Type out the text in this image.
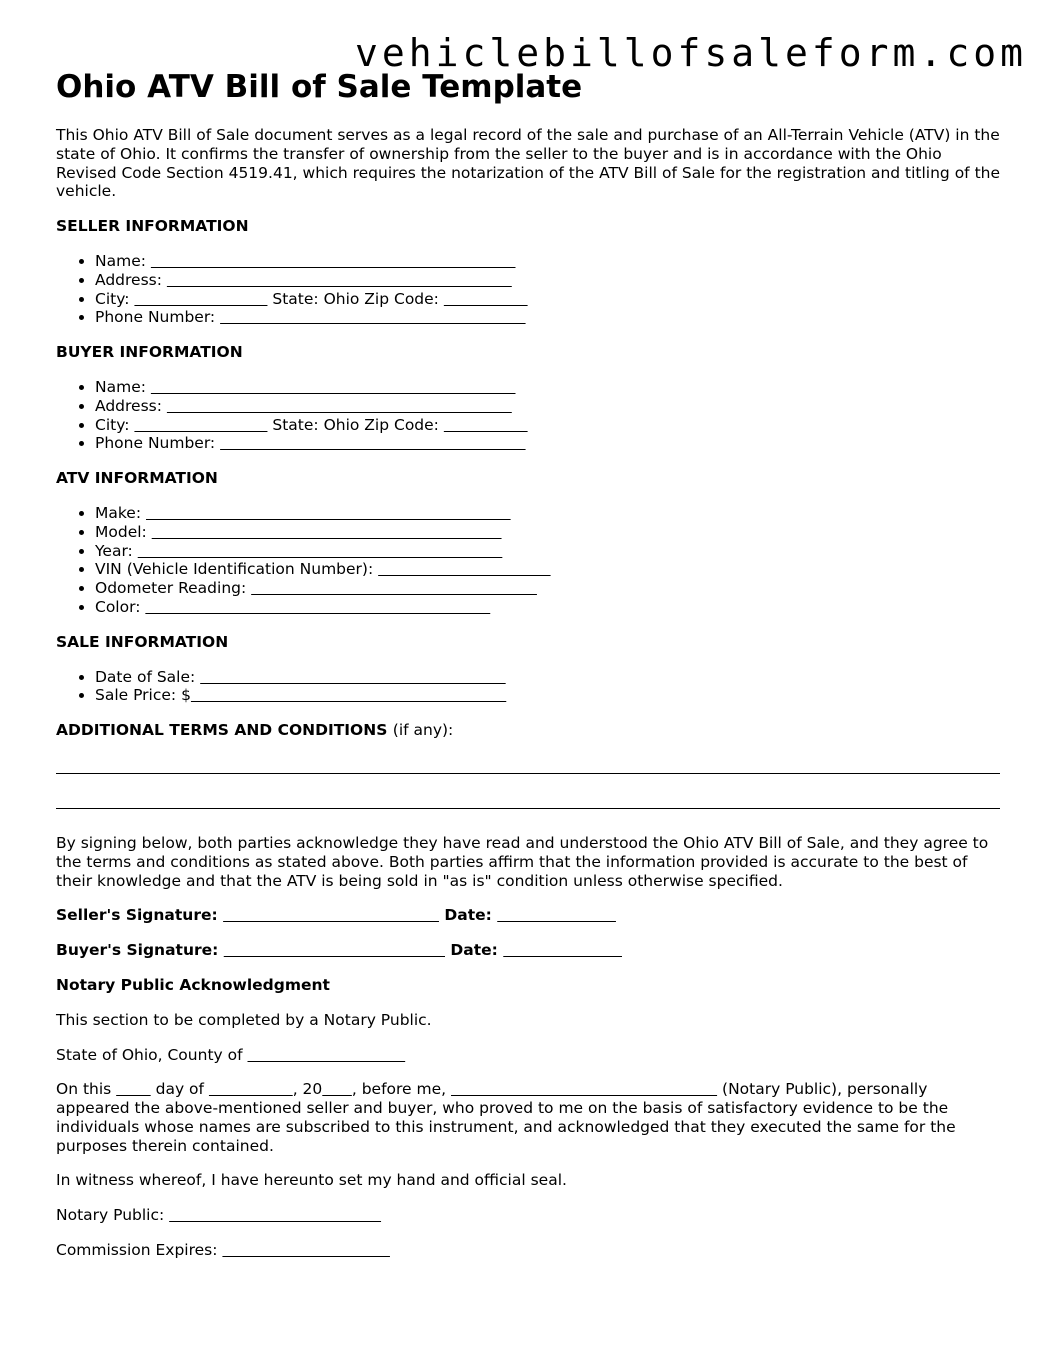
vehiclebillofsaleform.com
Ohio ATV Bill of Sale Template

This Ohio ATV Bill of Sale document serves as a legal record of the sale and purchase of an All-Terrain Vehicle (ATV) in the state of Ohio. It confirms the transfer of ownership from the seller to the buyer and is in accordance with the Ohio Revised Code Section 4519.41, which requires the notarization of the ATV Bill of Sale for the registration and titling of the vehicle.

SELLER INFORMATION

• Name:
• Address:
• City:	State: Ohio Zip Code:
• Phone Number:

BUYER INFORMATION

• Name:
• Address:
• City:	State: Ohio Zip Code:
• Phone Number:

ATV INFORMATION

• Make:
• Model:
• Year:
• VIN (Vehicle Identification Number):
• Odometer Reading:
• Color:

SALE INFORMATION

• Date of Sale:
• Sale Price: $

ADDITIONAL TERMS AND CONDITIONS (if any):

By signing below, both parties acknowledge they have read and understood the Ohio ATV Bill of Sale, and they agree to the terms and conditions as stated above. Both parties affirm that the information provided is accurate to the best of their knowledge and that the ATV is being sold in "as is" condition unless otherwise specified.

Seller's Signature:	Date:

Buyer's Signature:	Date:

Notary Public Acknowledgment

This section to be completed by a Notary Public.

State of Ohio, County of

On this	day of	, 20 , before me,	(Notary Public), personally appeared the above-mentioned seller and buyer, who proved to me on the basis of satisfactory evidence to be the individuals whose names are subscribed to this instrument, and acknowledged that they executed the same for the purposes therein contained.

In witness whereof, I have hereunto set my hand and official seal.

Notary Public:

Commission Expires:
